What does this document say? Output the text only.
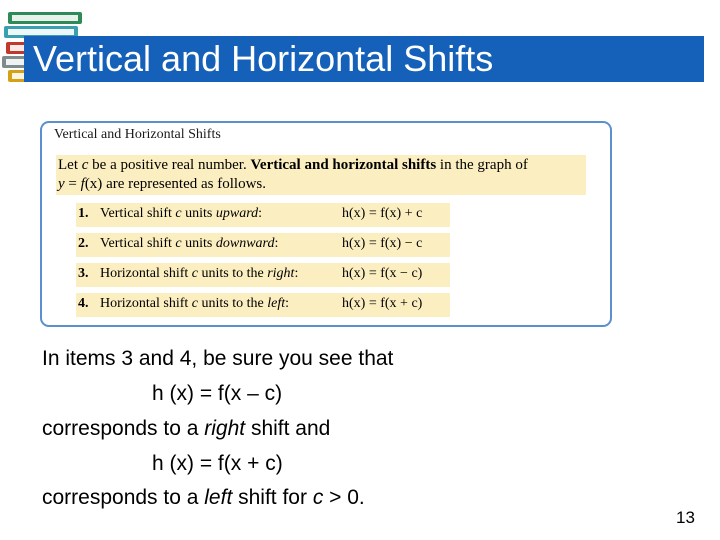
Vertical and Horizontal Shifts
Vertical and Horizontal Shifts
Let c be a positive real number. Vertical and horizontal shifts in the graph of
y = f(x) are represented as follows.
1. Vertical shift c units upward:	h(x) = f(x) + c
2. Vertical shift c units downward:	h(x) = f(x) − c
3. Horizontal shift c units to the right:	h(x) = f(x − c)
4. Horizontal shift c units to the left:	h(x) = f(x + c)
In items 3 and 4, be sure you see that
h (x) = f(x – c)
corresponds to a right shift and
h (x) = f(x + c)
corresponds to a left shift for c > 0.
13
